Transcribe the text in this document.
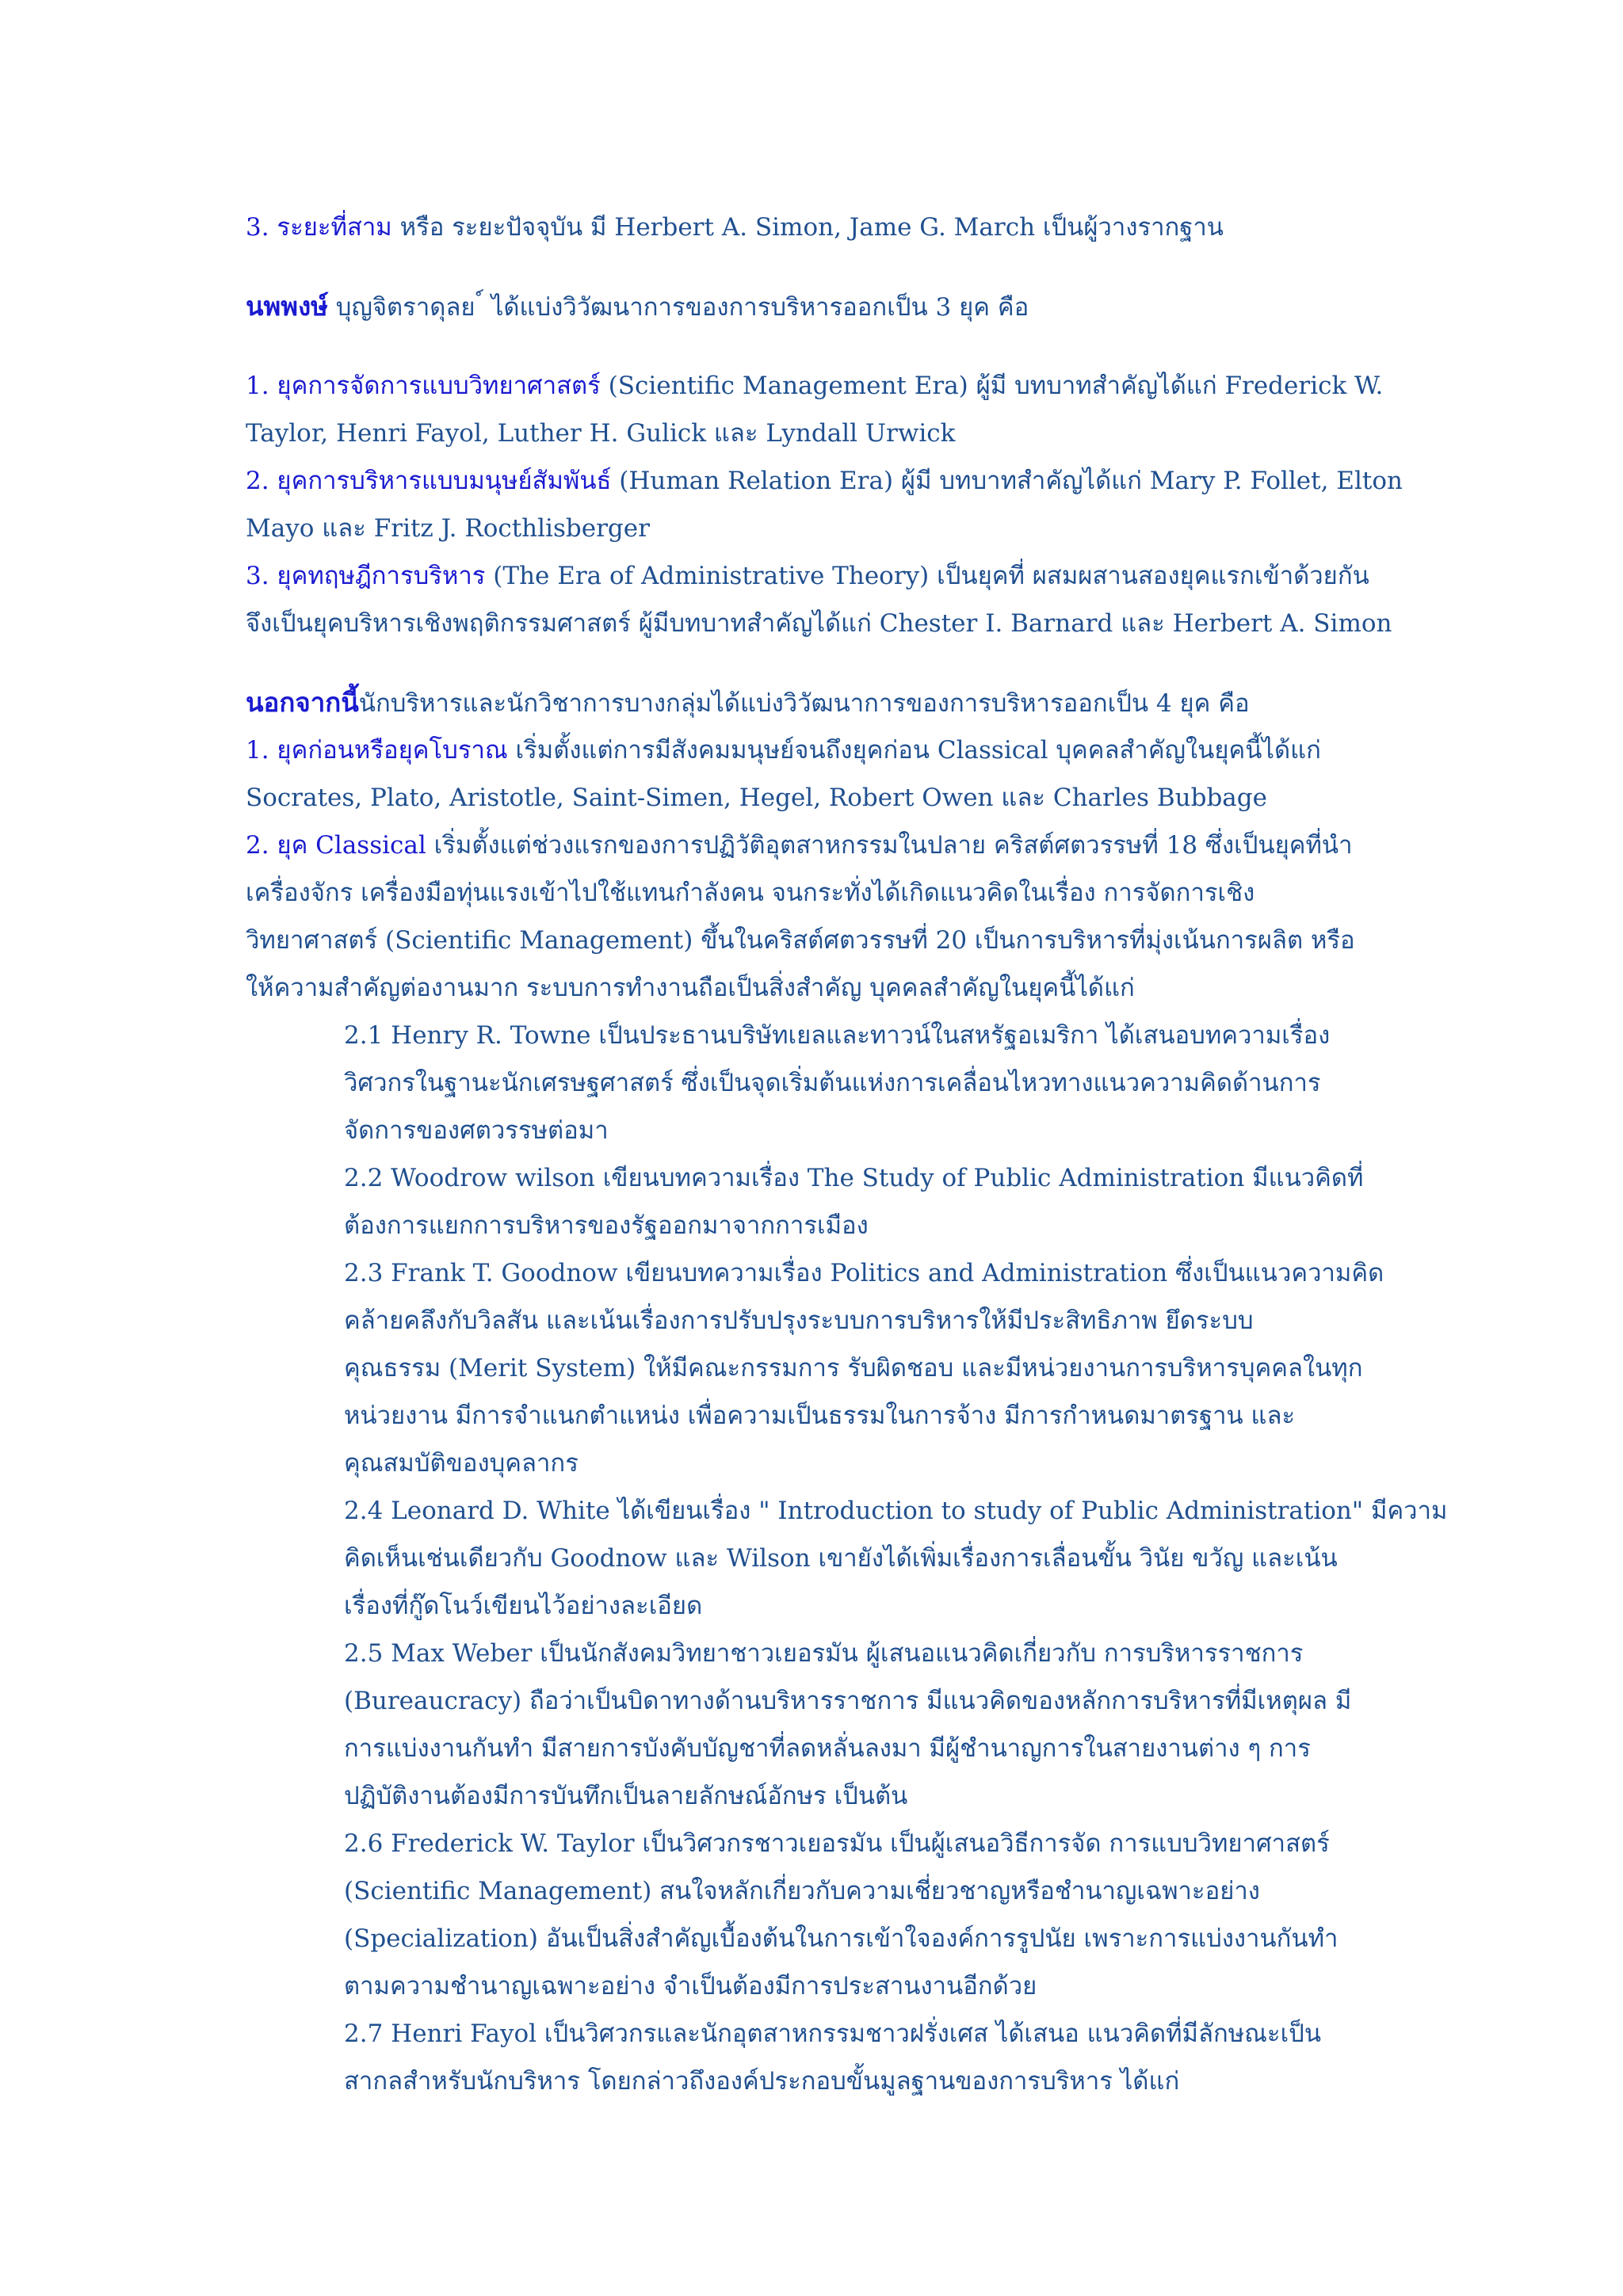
3. ระยะที่สาม หรือ ระยะปัจจุบัน มี Herbert A. Simon, Jame G. March เป็นผู้วางรากฐาน
นพพงษ์ บุญจิตราดุลย ์ ได้แบ่งวิวัฒนาการของการบริหารออกเป็น 3 ยุค คือ
1. ยุคการจัดการแบบวิทยาศาสตร์ (Scientific Management Era) ผู้มี บทบาทสำคัญได้แก่ Frederick W.
Taylor, Henri Fayol, Luther H. Gulick และ Lyndall Urwick
2. ยุคการบริหารแบบมนุษย์สัมพันธ์ (Human Relation Era) ผู้มี บทบาทสำคัญได้แก่ Mary P. Follet, Elton
Mayo และ Fritz J. Rocthlisberger
3. ยุคทฤษฎีการบริหาร (The Era of Administrative Theory) เป็นยุคที่ ผสมผสานสองยุคแรกเข้าด้วยกัน
จึงเป็นยุคบริหารเชิงพฤติกรรมศาสตร์ ผู้มีบทบาทสำคัญได้แก่ Chester I. Barnard และ Herbert A. Simon
นอกจากนี้นักบริหารและนักวิชาการบางกลุ่มได้แบ่งวิวัฒนาการของการบริหารออกเป็น 4 ยุค คือ
1. ยุคก่อนหรือยุคโบราณ เริ่มตั้งแต่การมีสังคมมนุษย์จนถึงยุคก่อน Classical บุคคลสำคัญในยุคนี้ได้แก่
Socrates, Plato, Aristotle, Saint-Simen, Hegel, Robert Owen และ Charles Bubbage
2. ยุค Classical เริ่มตั้งแต่ช่วงแรกของการปฏิวัติอุตสาหกรรมในปลาย คริสต์ศตวรรษที่ 18 ซึ่งเป็นยุคที่นำ
เครื่องจักร เครื่องมือทุ่นแรงเข้าไปใช้แทนกำลังคน จนกระทั่งได้เกิดแนวคิดในเรื่อง การจัดการเชิง
วิทยาศาสตร์ (Scientific Management) ขึ้นในคริสต์ศตวรรษที่ 20 เป็นการบริหารที่มุ่งเน้นการผลิต หรือ
ให้ความสำคัญต่องานมาก ระบบการทำงานถือเป็นสิ่งสำคัญ บุคคลสำคัญในยุคนี้ได้แก่
2.1 Henry R. Towne เป็นประธานบริษัทเยลและทาวน์ในสหรัฐอเมริกา ได้เสนอบทความเรื่อง
วิศวกรในฐานะนักเศรษฐศาสตร์ ซึ่งเป็นจุดเริ่มต้นแห่งการเคลื่อนไหวทางแนวความคิดด้านการ
จัดการของศตวรรษต่อมา
2.2 Woodrow wilson เขียนบทความเรื่อง The Study of Public Administration มีแนวคิดที่
ต้องการแยกการบริหารของรัฐออกมาจากการเมือง
2.3 Frank T. Goodnow เขียนบทความเรื่อง Politics and Administration ซึ่งเป็นแนวความคิด
คล้ายคลึงกับวิลสัน และเน้นเรื่องการปรับปรุงระบบการบริหารให้มีประสิทธิภาพ ยึดระบบ
คุณธรรม (Merit System) ให้มีคณะกรรมการ รับผิดชอบ และมีหน่วยงานการบริหารบุคคลในทุก
หน่วยงาน มีการจำแนกตำแหน่ง เพื่อความเป็นธรรมในการจ้าง มีการกำหนดมาตรฐาน และ
คุณสมบัติของบุคลากร
2.4 Leonard D. White ได้เขียนเรื่อง " Introduction to study of Public Administration" มีความ
คิดเห็นเช่นเดียวกับ Goodnow และ Wilson เขายังได้เพิ่มเรื่องการเลื่อนขั้น วินัย ขวัญ และเน้น
เรื่องที่กู๊ดโนว์เขียนไว้อย่างละเอียด
2.5 Max Weber เป็นนักสังคมวิทยาชาวเยอรมัน ผู้เสนอแนวคิดเกี่ยวกับ การบริหารราชการ
(Bureaucracy) ถือว่าเป็นบิดาทางด้านบริหารราชการ มีแนวคิดของหลักการบริหารที่มีเหตุผล มี
การแบ่งงานกันทำ มีสายการบังคับบัญชาที่ลดหลั่นลงมา มีผู้ชำนาญการในสายงานต่าง ๆ การ
ปฏิบัติงานต้องมีการบันทึกเป็นลายลักษณ์อักษร เป็นต้น
2.6 Frederick W. Taylor เป็นวิศวกรชาวเยอรมัน เป็นผู้เสนอวิธีการจัด การแบบวิทยาศาสตร์
(Scientific Management) สนใจหลักเกี่ยวกับความเชี่ยวชาญหรือชำนาญเฉพาะอย่าง
(Specialization) อันเป็นสิ่งสำคัญเบื้องต้นในการเข้าใจองค์การรูปนัย เพราะการแบ่งงานกันทำ
ตามความชำนาญเฉพาะอย่าง จำเป็นต้องมีการประสานงานอีกด้วย
2.7 Henri Fayol เป็นวิศวกรและนักอุตสาหกรรมชาวฝรั่งเศส ได้เสนอ แนวคิดที่มีลักษณะเป็น
สากลสำหรับนักบริหาร โดยกล่าวถึงองค์ประกอบขั้นมูลฐานของการบริหาร ได้แก่
